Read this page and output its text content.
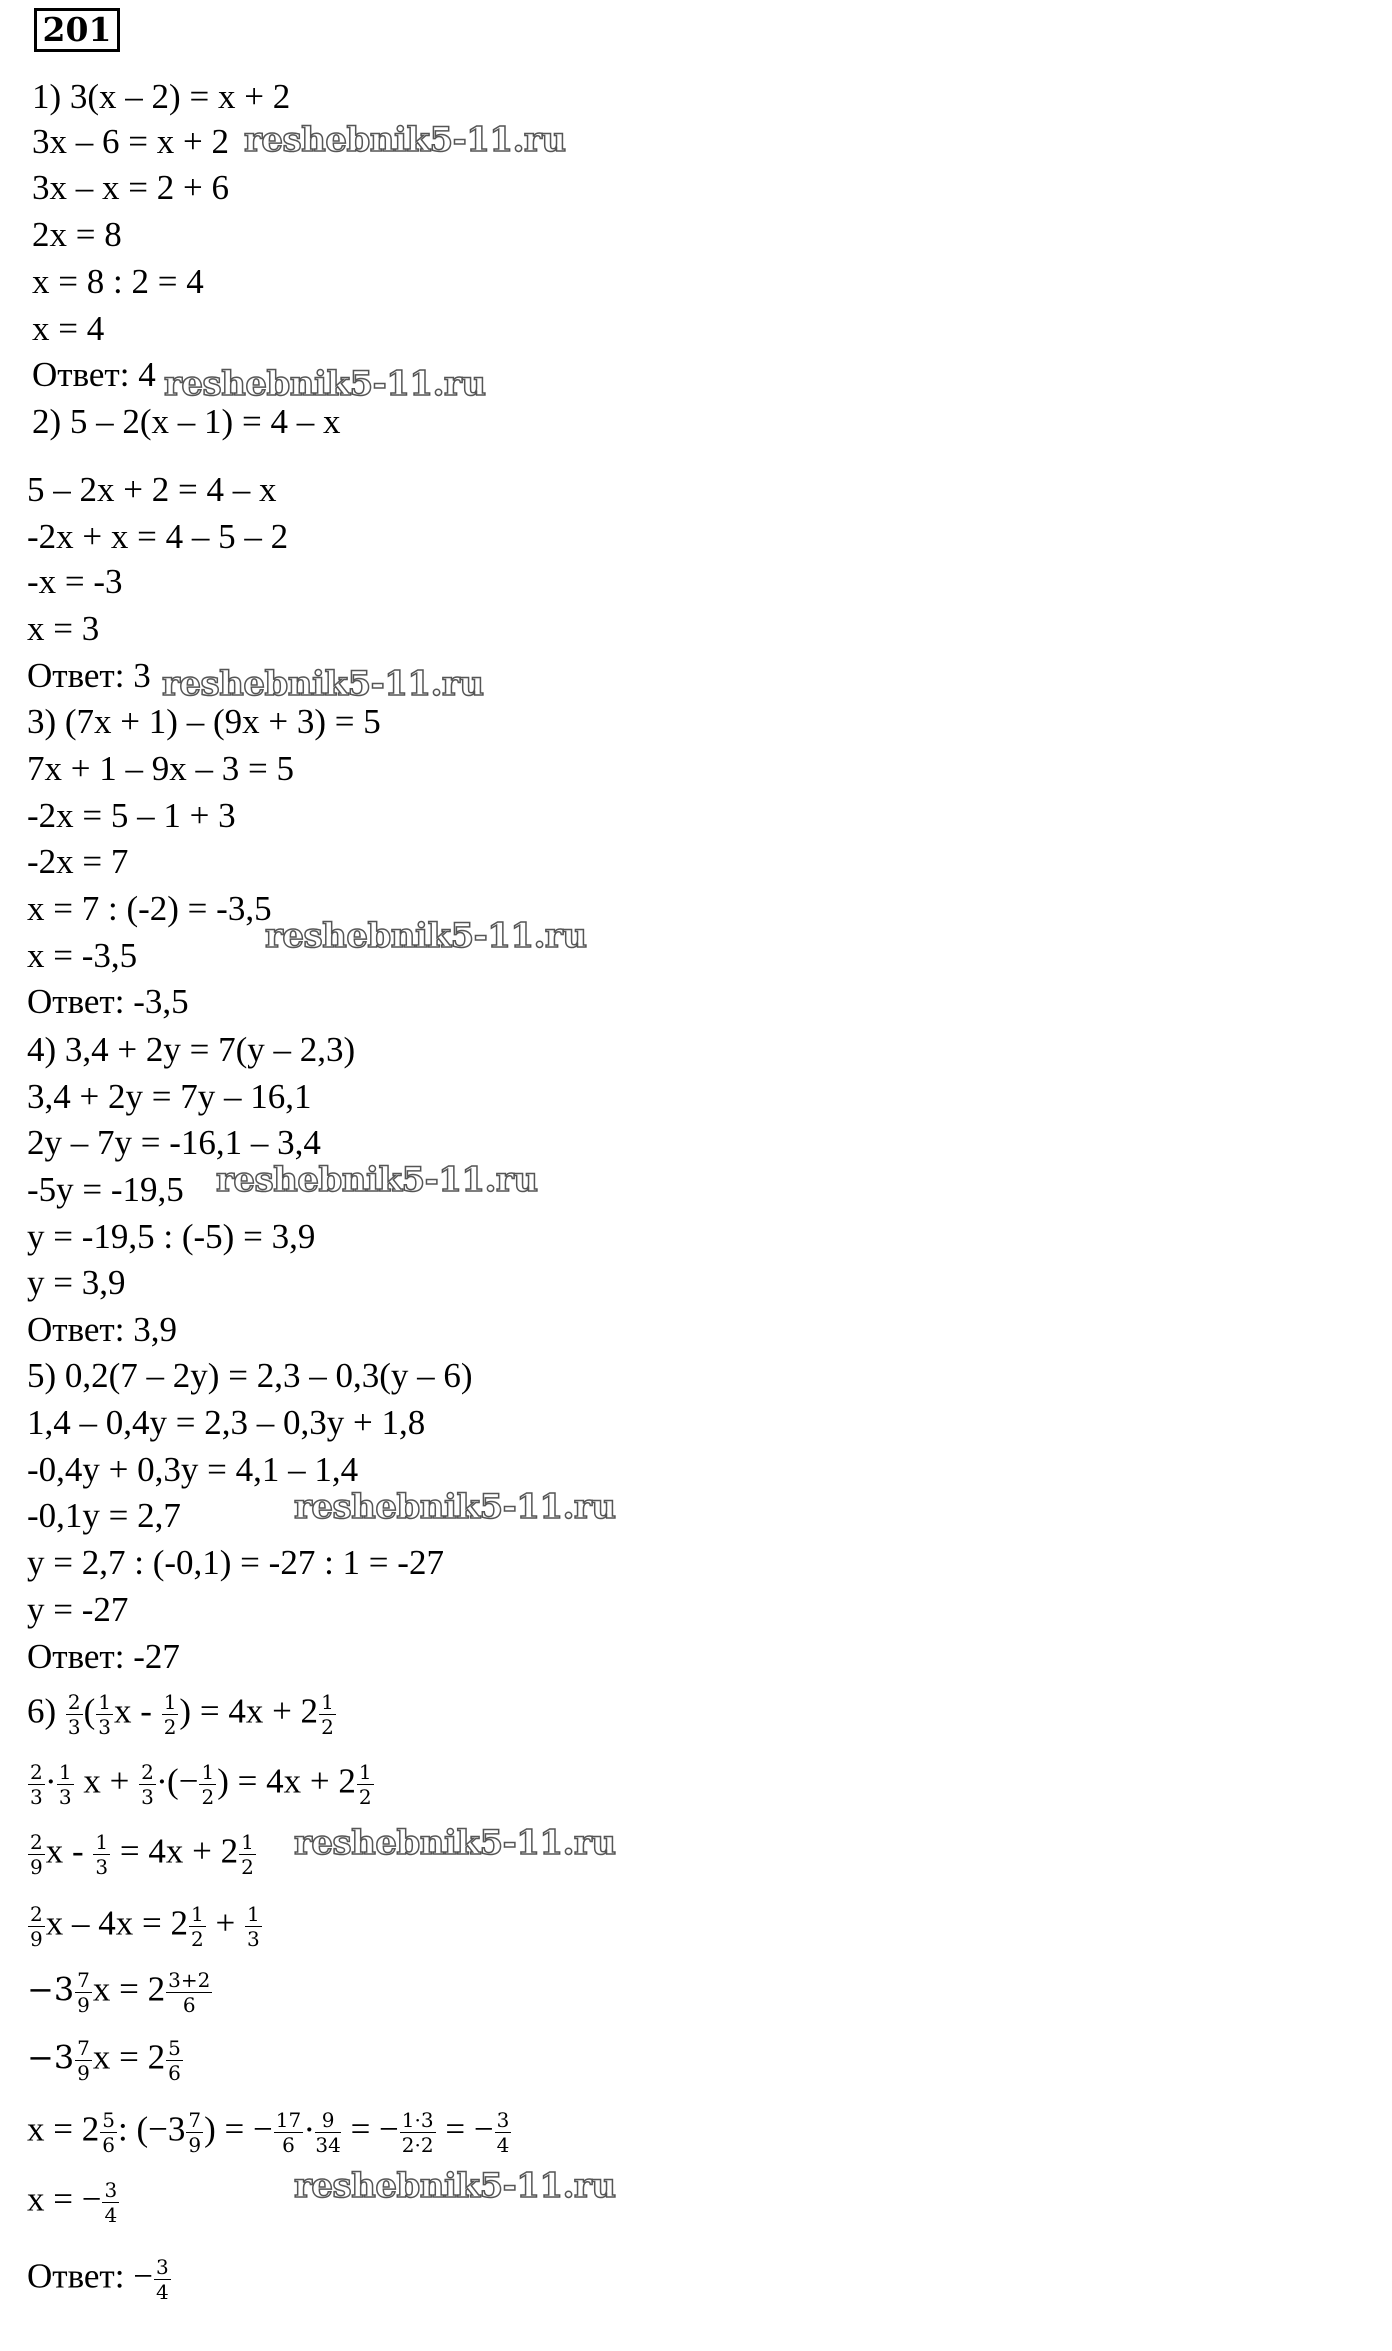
201
1) 3(x – 2) = x + 2
3x – 6 = x + 2
3x – x = 2 + 6
2x = 8
x = 8 : 2 = 4
x = 4
Ответ: 4
2) 5 – 2(x – 1) = 4 – x
5 – 2x + 2 = 4 – x
-2x + x = 4 – 5 – 2
-x = -3
x = 3
Ответ: 3
3) (7x + 1) – (9x + 3) = 5
7x + 1 – 9x – 3 = 5
-2x = 5 – 1 + 3
-2x = 7
x = 7 : (-2) = -3,5
x = -3,5
Ответ: -3,5
4) 3,4 + 2y = 7(y – 2,3)
3,4 + 2y = 7y – 16,1
2y – 7y = -16,1 – 3,4
-5y = -19,5
y = -19,5 : (-5) = 3,9
y = 3,9
Ответ: 3,9
5) 0,2(7 – 2y) = 2,3 – 0,3(y – 6)
1,4 – 0,4y = 2,3 – 0,3y + 1,8
-0,4y + 0,3y = 4,1 – 1,4
-0,1y = 2,7
y = 2,7 : (-0,1) = -27 : 1 = -27
y = -27
Ответ: -27
$6) \frac{2}{3}$ ( $\frac{1}{3}$ x - $\frac{1}{2}$ ) = $4x + 2 \frac{1}{2}$
$\frac{2}{3} \cdot \frac{1}{3}$ $x + \frac{2}{3}$ ·(− $\frac{1}{2}$ ) = $4x + 2 \frac{1}{2}$
$\frac{2}{9}$ $x - \frac{1}{3} = 4x + 2 \frac{1}{2}$
$\frac{2}{9}$ $x - 4x = 2 \frac{1}{2} + \frac{1}{3}$
$-3 \frac{7}{9}$ $x = 2 \frac{3+2}{6}$
$-3 \frac{7}{9}$ $x = 2 \frac{5}{6}$
$x = 2 \frac{5}{6}$ : ($-3 \frac{7}{9}$ ) = − $\frac{17}{6} \cdot \frac{9}{34}$ = − $\frac{1\cdot 3}{2\cdot 2}$ = − $\frac{3}{4}$
x = − $\frac{3}{4}$
Ответ: − $\frac{3}{4}$
reshebnik5-11.ru
reshebnik5-11.ru
reshebnik5-11.ru
reshebnik5-11.ru
reshebnik5-11.ru
reshebnik5-11.ru
reshebnik5-11.ru
reshebnik5-11.ru
